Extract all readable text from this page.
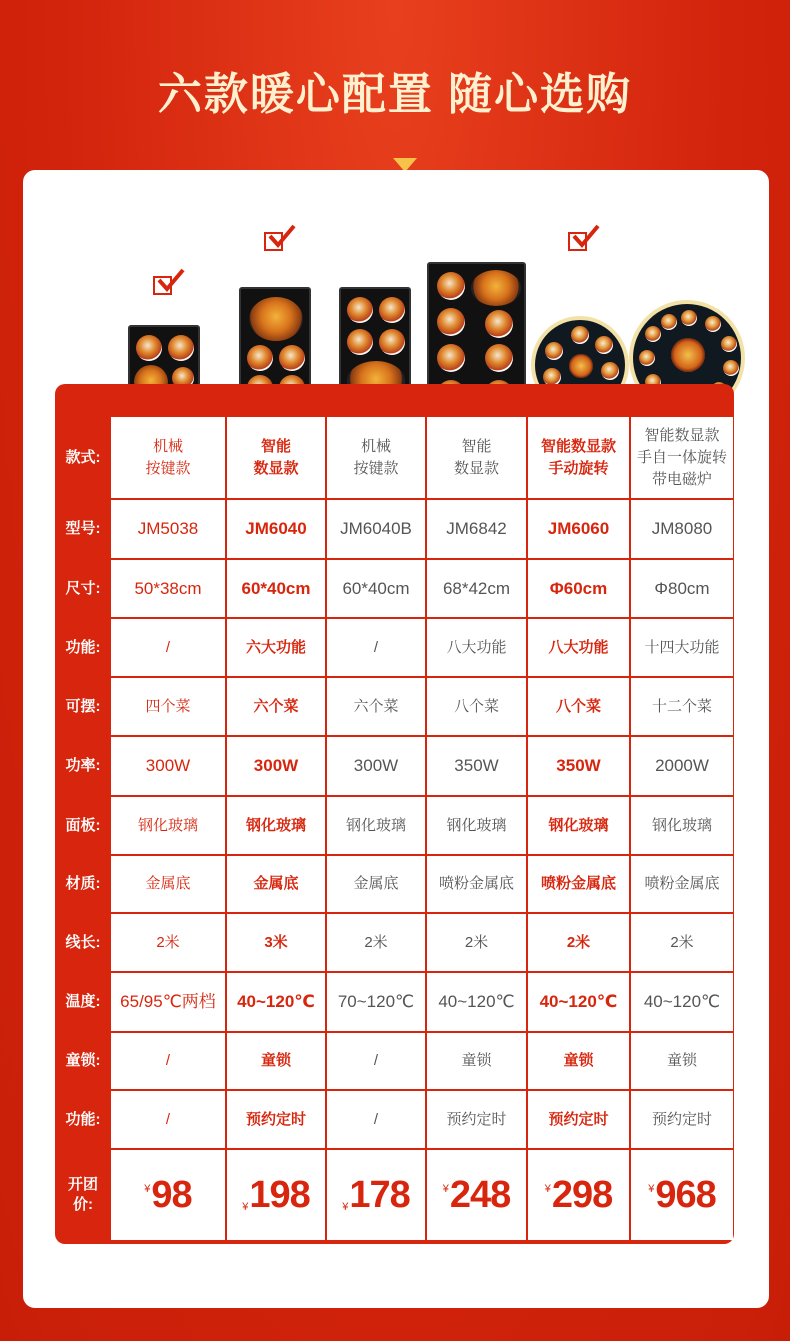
六款暖心配置 随心选购
款式:
型号:
尺寸:
功能:
可摆:
功率:
面板:
材质:
线长:
温度:
童锁:
功能:
开团
价:
机械
按键款
JM5038
50*38cm
/
四个菜
300W
钢化玻璃
金属底
2米
65/95℃两档
/
/
¥ 98
智能
数显款
JM6040
60*40cm
六大功能
六个菜
300W
钢化玻璃
金属底
3米
40~120℃
童锁
预约定时
¥ 198
机械
按键款
JM6040B
60*40cm
/
六个菜
300W
钢化玻璃
金属底
2米
70~120℃
/
/
¥ 178
智能
数显款
JM6842
68*42cm
八大功能
八个菜
350W
钢化玻璃
喷粉金属底
2米
40~120℃
童锁
预约定时
¥ 248
智能数显款
手动旋转
JM6060
Φ60cm
八大功能
八个菜
350W
钢化玻璃
喷粉金属底
2米
40~120℃
童锁
预约定时
¥ 298
智能数显款
手自一体旋转
带电磁炉
JM8080
Φ80cm
十四大功能
十二个菜
2000W
钢化玻璃
喷粉金属底
2米
40~120℃
童锁
预约定时
¥ 968
